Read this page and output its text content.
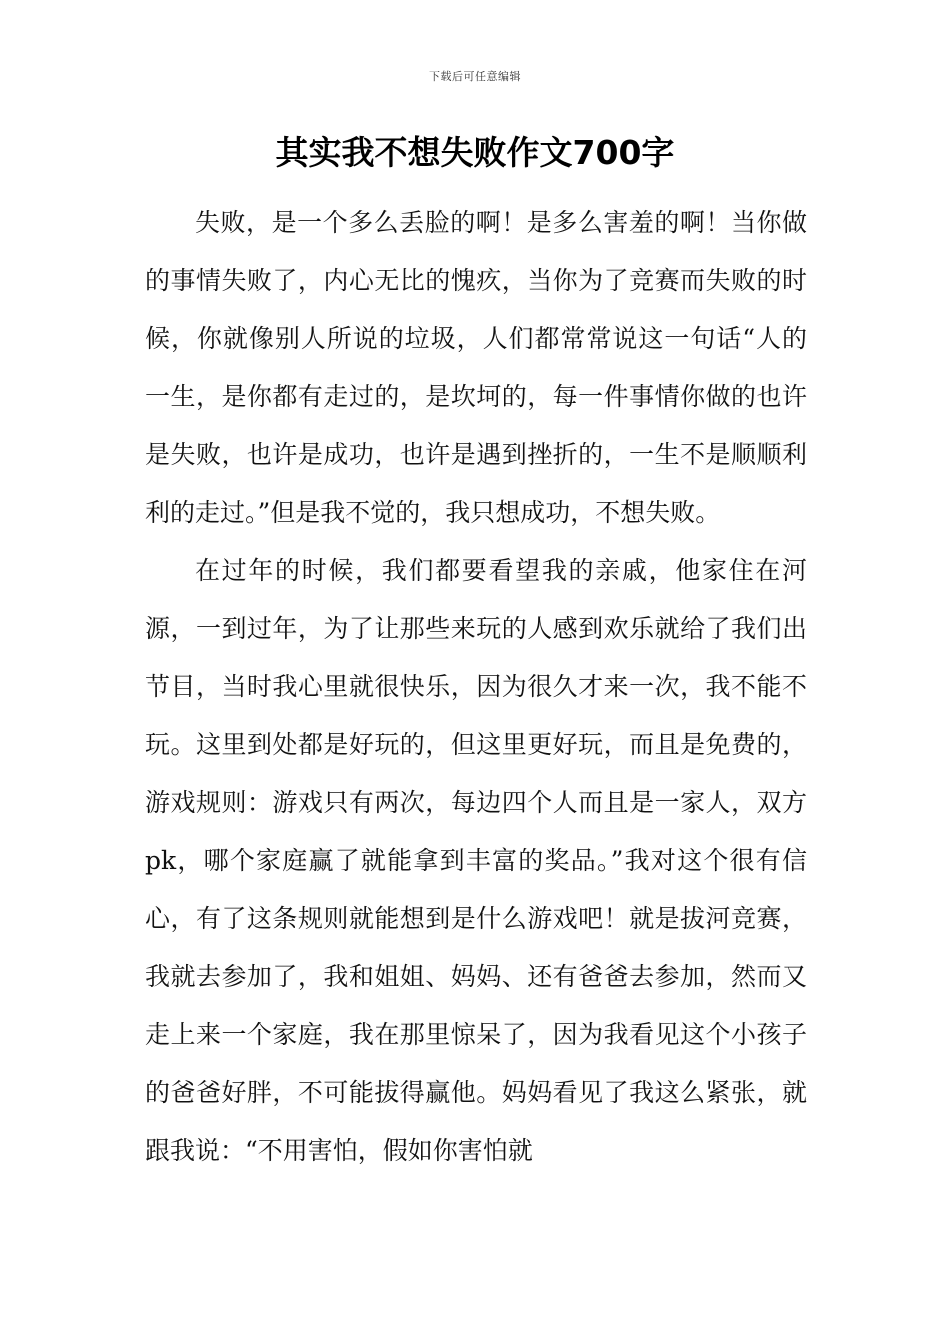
下载后可任意编辑
其实我不想失败作文700字

失败，是一个多么丢脸的啊！是多么害羞的啊！当你做的事情失败了，内心无比的愧疚，当你为了竞赛而失败的时候，你就像别人所说的垃圾，人们都常常说这一句话“人的一生，是你都有走过的，是坎坷的，每一件事情你做的也许是失败，也许是成功，也许是遇到挫折的，一生不是顺顺利利的走过。”但是我不觉的，我只想成功，不想失败。

在过年的时候，我们都要看望我的亲戚，他家住在河源，一到过年，为了让那些来玩的人感到欢乐就给了我们出节目，当时我心里就很快乐，因为很久才来一次，我不能不玩。这里到处都是好玩的，但这里更好玩，而且是免费的，游戏规则：游戏只有两次，每边四个人而且是一家人，双方pk，哪个家庭赢了就能拿到丰富的奖品。”我对这个很有信心，有了这条规则就能想到是什么游戏吧！就是拔河竞赛，我就去参加了，我和姐姐、妈妈、还有爸爸去参加，然而又走上来一个家庭，我在那里惊呆了，因为我看见这个小孩子的爸爸好胖，不可能拔得赢他。妈妈看见了我这么紧张，就跟我说：“不用害怕，假如你害怕就
